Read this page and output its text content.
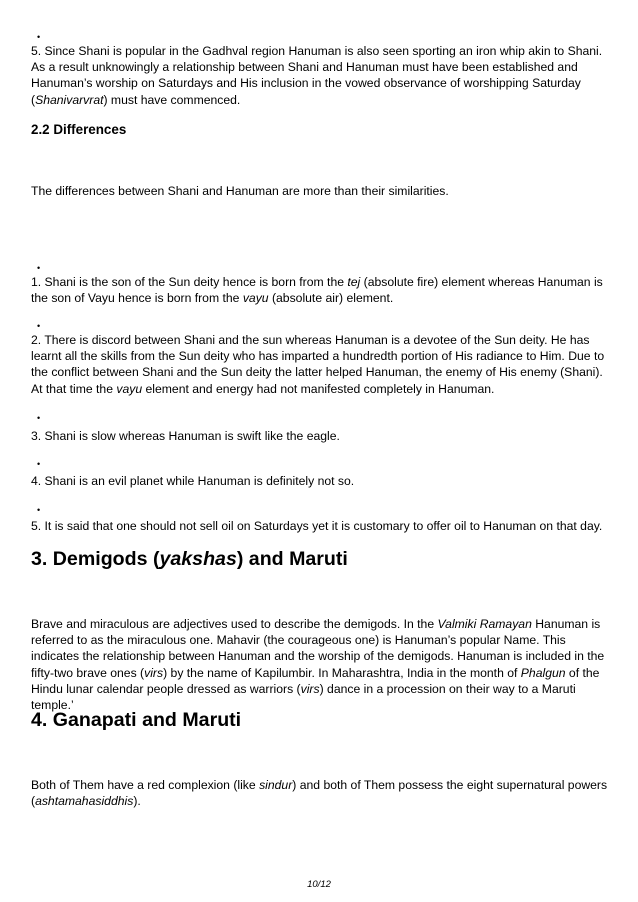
•

5. Since Shani is popular in the Gadhval region Hanuman is also seen sporting an iron whip akin to Shani. As a result unknowingly a relationship between Shani and Hanuman must have been established and Hanuman’s worship on Saturdays and His inclusion in the vowed observance of worshipping Saturday (Shanivarvrat) must have commenced.

2.2 Differences

The differences between Shani and Hanuman are more than their similarities.

•

1. Shani is the son of the Sun deity hence is born from the tej (absolute fire) element whereas Hanuman is the son of Vayu hence is born from the vayu (absolute air) element.

•

2. There is discord between Shani and the sun whereas Hanuman is a devotee of the Sun deity. He has learnt all the skills from the Sun deity who has imparted a hundredth portion of His radiance to Him. Due to the conflict between Shani and the Sun deity the latter helped Hanuman, the enemy of His enemy (Shani). At that time the vayu element and energy had not manifested completely in Hanuman.

•

3. Shani is slow whereas Hanuman is swift like the eagle.

•

4. Shani is an evil planet while Hanuman is definitely not so.

•

5. It is said that one should not sell oil on Saturdays yet it is customary to offer oil to Hanuman on that day.

3. Demigods (yakshas) and Maruti

Brave and miraculous are adjectives used to describe the demigods. In the Valmiki Ramayan Hanuman is referred to as the miraculous one. Mahavir (the courageous one) is Hanuman’s popular Name. This indicates the relationship between Hanuman and the worship of the demigods. Hanuman is included in the fifty-two brave ones (virs) by the name of Kapilumbir. In Maharashtra, India in the month of Phalgun of the Hindu lunar calendar people dressed as warriors (virs) dance in a procession on their way to a Maruti temple.’

4. Ganapati and Maruti

Both of Them have a red complexion (like sindur) and both of Them possess the eight supernatural powers (ashtamahasiddhis).

10/12
